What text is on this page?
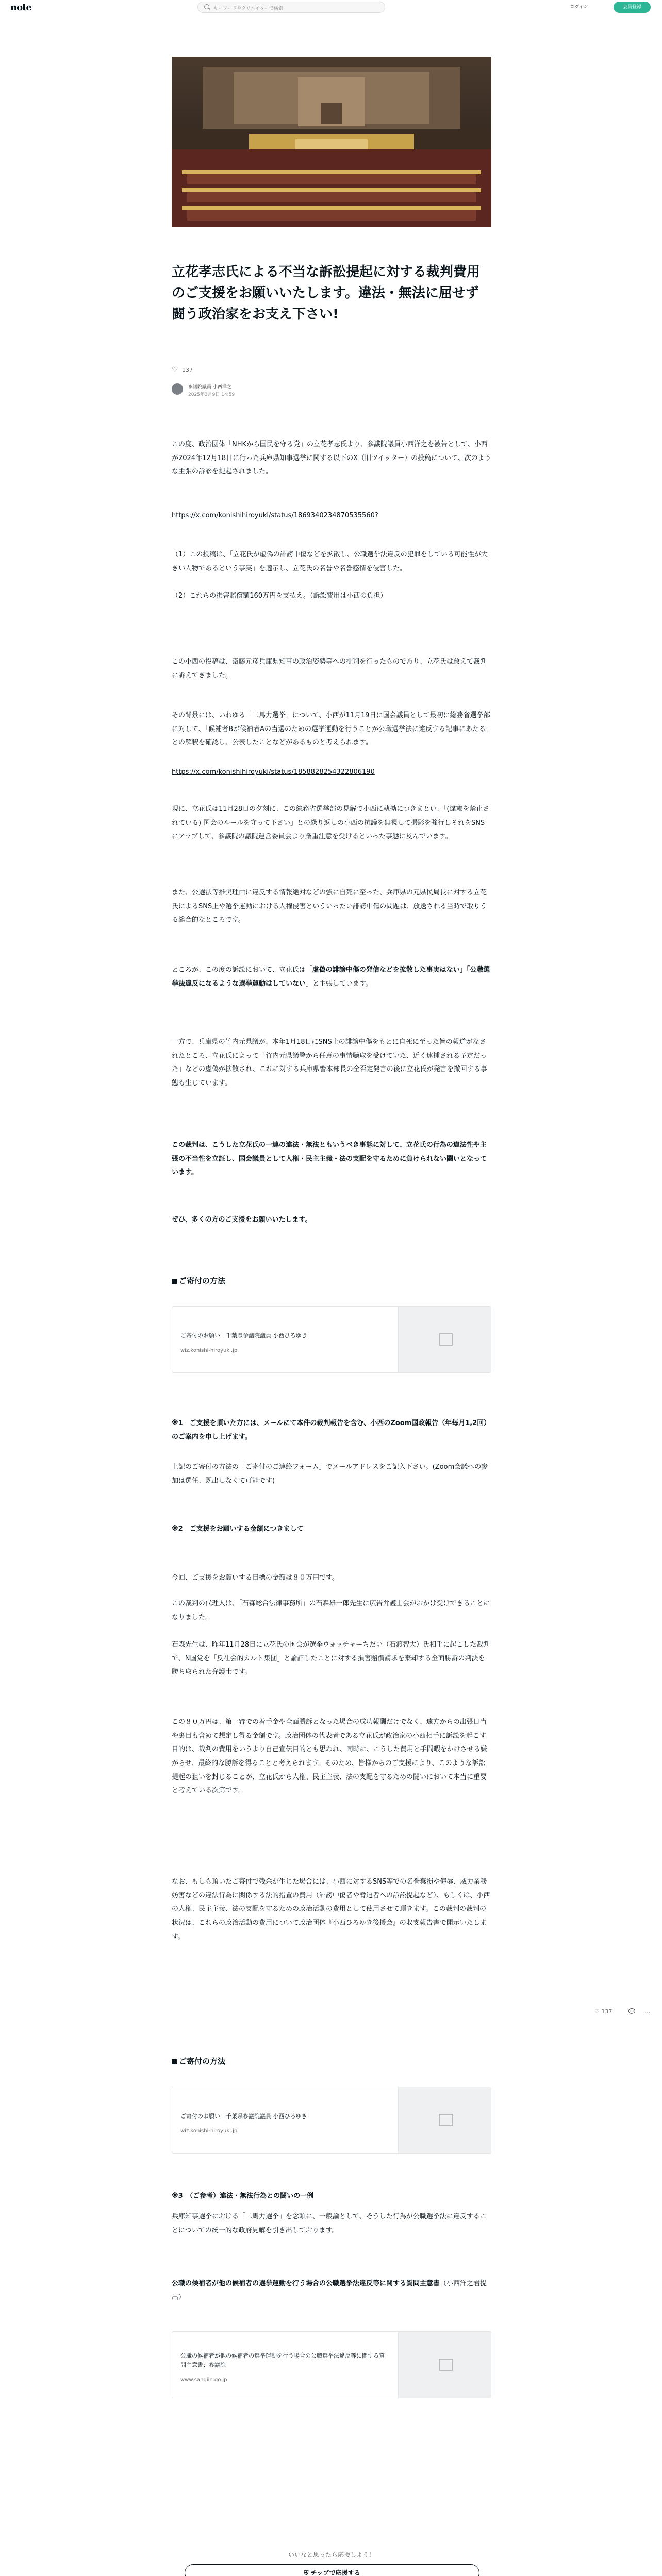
note	キーワードやクリエイターで検索	ログイン	会員登録
立花孝志氏による不当な訴訟提起に対する裁判費用のご支援をお願いいたします。違法・無法に屈せず闘う政治家をお支え下さい!
♡137
参議院議員 小西洋之
2025年3月9日 14:59
この度、政治団体「NHKから国民を守る党」の立花孝志氏より、参議院議員小西洋之を被告として、小西が2024年12月18日に行った兵庫県知事選挙に関する以下のX（旧ツイッター）の投稿について、次のような主張の訴訟を提起されました。
https://x.com/konishihiroyuki/status/1869340234870535560?
（1）この投稿は、「立花氏が虚偽の誹謗中傷などを拡散し、公職選挙法違反の犯罪をしている可能性が大きい人物であるという事実」を適示し、立花氏の名誉や名誉感情を侵害した。
（2）これらの損害賠償額160万円を支払え。（訴訟費用は小西の負担）
この小西の投稿は、斎藤元彦兵庫県知事の政治姿勢等への批判を行ったものであり、立花氏は敢えて裁判に訴えてきました。
その背景には、いわゆる「二馬力選挙」について、小西が11月19日に国会議員として最初に総務省選挙部に対して、「候補者Bが候補者Aの当選のための選挙運動を行うことが公職選挙法に違反する記事にあたる」との解釈を確認し、公表したことなどがあるものと考えられます。
https://x.com/konishihiroyuki/status/1858828254322806190
現に、立花氏は11月28日の夕刻に、この総務省選挙部の見解で小西に執拗につきまとい、「(違憲を禁止されている) 国会のルールを守って下さい」との繰り返しの小西の抗議を無視して撮影を強行しそれをSNSにアップして、参議院の議院運営委員会より厳重注意を受けるといった事態に及んでいます。
また、公選法等推奨理由に違反する情報絶対などの強に自死に至った、兵庫県の元県民局長に対する立花氏によるSNS上や選挙運動における人権侵害といういったい誹謗中傷の問題は、放送される当時で取りうる総合的なところです。
ところが、この度の訴訟において、立花氏は「虚偽の誹謗中傷の発信などを拡散した事実はない」「公職選挙法違反になるような選挙運動はしていない」と主張しています。
一方で、兵庫県の竹内元県議が、本年1月18日にSNS上の誹謗中傷をもとに自死に至った旨の報道がなされたところ、立花氏によって「竹内元県議警から任意の事情聴取を受けていた、近く逮捕される予定だった」などの虚偽が拡散され、これに対する兵庫県警本部長の全否定発言の後に立花氏が発言を撤回する事態も生じています。
この裁判は、こうした立花氏の一連の違法・無法ともいうべき事態に対して、立花氏の行為の違法性や主張の不当性を立証し、国会議員として人権・民主主義・法の支配を守るために負けられない闘いとなっています。
ぜひ、多くの方のご支援をお願いいたします。
ご寄付の方法
ご寄付のお願い｜千葉県参議院議員 小西ひろゆき
wiz.konishi-hiroyuki.jp
※1　ご支援を頂いた方には、メールにて本件の裁判報告を含む、小西のZoom国政報告（年毎月1,2回）のご案内を申し上げます。
上記のご寄付の方法の「ご寄付のご連絡フォーム」でメールアドレスをご記入下さい。(Zoom会議への参加は選任、既出しなくて可能です)
※2　ご支援をお願いする金額につきまして
今回、ご支援をお願いする目標の金額は８０万円です。
この裁判の代理人は、「石森総合法律事務所」の石森雄一郎先生に広告弁護士会がおかけ受けできることになりました。
石森先生は、昨年11月28日に立花氏の国会が選挙ウォッチャーちだい（石渡智大）氏相手に起こした裁判で、N国党を「反社会的カルト集団」と論評したことに対する損害賠償請求を棄却する全面勝訴の判決を勝ち取られた弁護士です。
この８０万円は、第一審での着手金や全面勝訴となった場合の成功報酬だけでなく、遠方からの出張日当や裏目も含めて想定し得る金額です。政治団体の代表者である立花氏が政治家の小西相手に訴訟を起こす目的は、裁判の費用をいうより自己宣伝目的とも思われ、同時に、こうした費用と手間暇をかけさせる嫌がらせ、最終的な勝訴を得ることと考えられます。そのため、皆様からのご支援により、このような訴訟提起の狙いを封じることが、立花氏から人権、民主主義、法の支配を守るための闘いにおいて本当に重要と考えている次第です。
なお、もしも頂いたご寄付で残余が生じた場合には、小西に対するSNS等での名誉棄損や侮辱、威力業務妨害などの違法行為に関係する法的措置の費用（誹謗中傷者や脅迫者への訴訟提起など）、もしくは、小西の人権、民主主義、法の支配を守るための政治活動の費用として使用させて頂きます。この裁判の裁判の状況は、これらの政治活動の費用について政治団体『小西ひろゆき後援会』の収支報告書で開示いたします。
♡ 137	💬 …
ご寄付の方法
ご寄付のお願い｜千葉県参議院議員 小西ひろゆき
wiz.konishi-hiroyuki.jp
※3　（ご参考）違法・無法行為との闘いの一例
兵庫知事選挙における「二馬力選挙」を念頭に、一般論として、そうした行為が公職選挙法に違反することについての統一的な政府見解を引き出しております。
公職の候補者が他の候補者の選挙運動を行う場合の公職選挙法違反等に関する質問主意書（小西洋之君提出）
公職の候補者が他の候補者の選挙運動を行う場合の公職選挙法違反等に関する質問主意書：参議院
www.sangiin.go.jp
いいなと思ったら応援しよう！
⛨ チップで応援する
